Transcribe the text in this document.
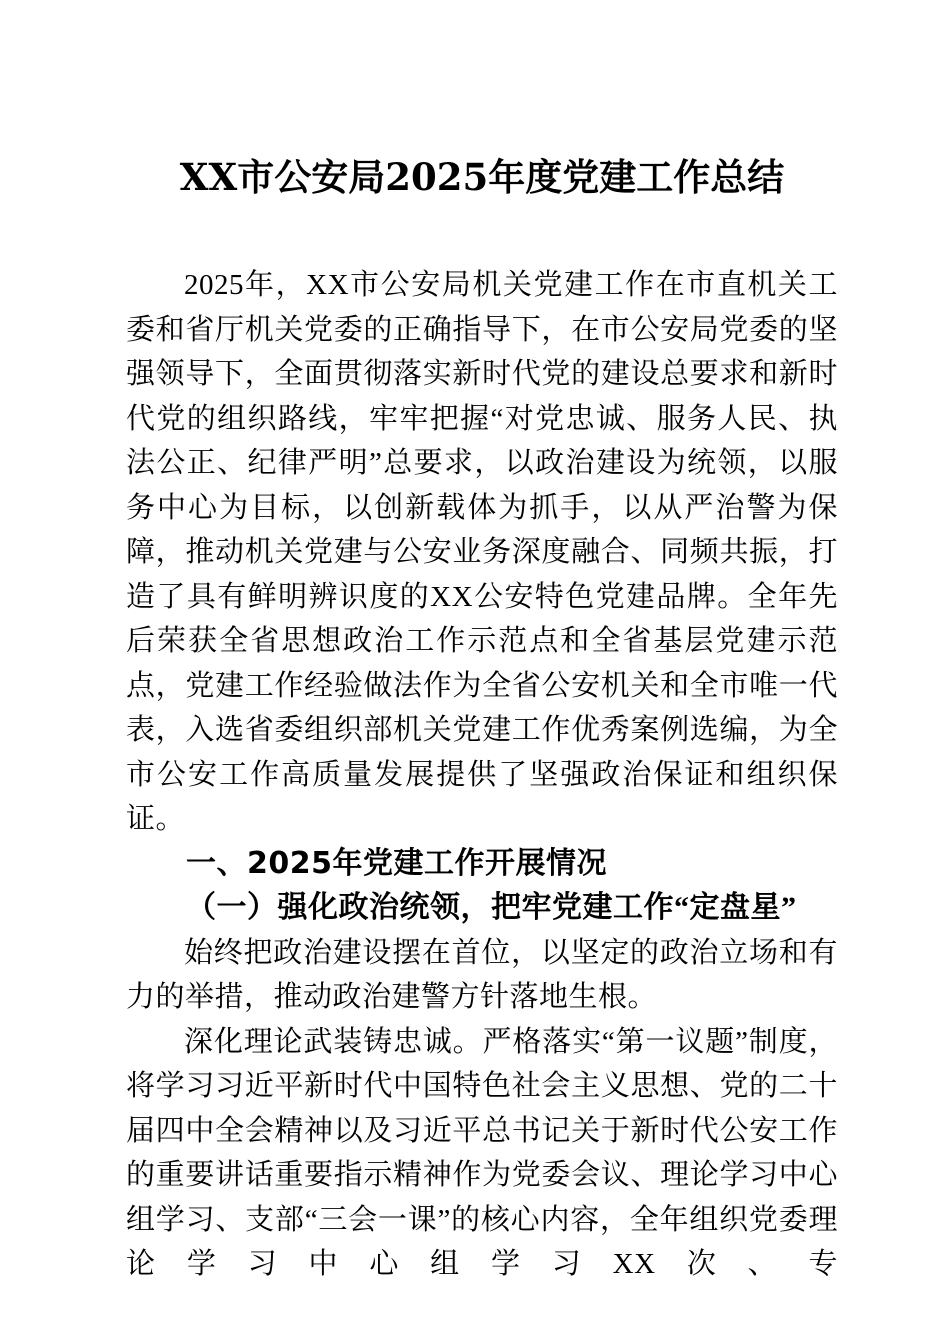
XX市公安局2025年度党建工作总结

2025年，XX市公安局机关党建工作在市直机关工委和省厅机关党委的正确指导下，在市公安局党委的坚强领导下，全面贯彻落实新时代党的建设总要求和新时代党的组织路线，牢牢把握“对党忠诚、服务人民、执法公正、纪律严明”总要求，以政治建设为统领，以服务中心为目标，以创新载体为抓手，以从严治警为保障，推动机关党建与公安业务深度融合、同频共振，打造了具有鲜明辨识度的XX公安特色党建品牌。全年先后荣获全省思想政治工作示范点和全省基层党建示范点，党建工作经验做法作为全省公安机关和全市唯一代表，入选省委组织部机关党建工作优秀案例选编，为全市公安工作高质量发展提供了坚强政治保证和组织保证。

一、2025年党建工作开展情况

（一）强化政治统领，把牢党建工作“定盘星”

始终把政治建设摆在首位，以坚定的政治立场和有力的举措，推动政治建警方针落地生根。

深化理论武装铸忠诚。严格落实“第一议题”制度，将学习习近平新时代中国特色社会主义思想、党的二十届四中全会精神以及习近平总书记关于新时代公安工作的重要讲话重要指示精神作为党委会议、理论学习中心组学习、支部“三会一课”的核心内容，全年组织党委理论学习中心组学习XX次、专
